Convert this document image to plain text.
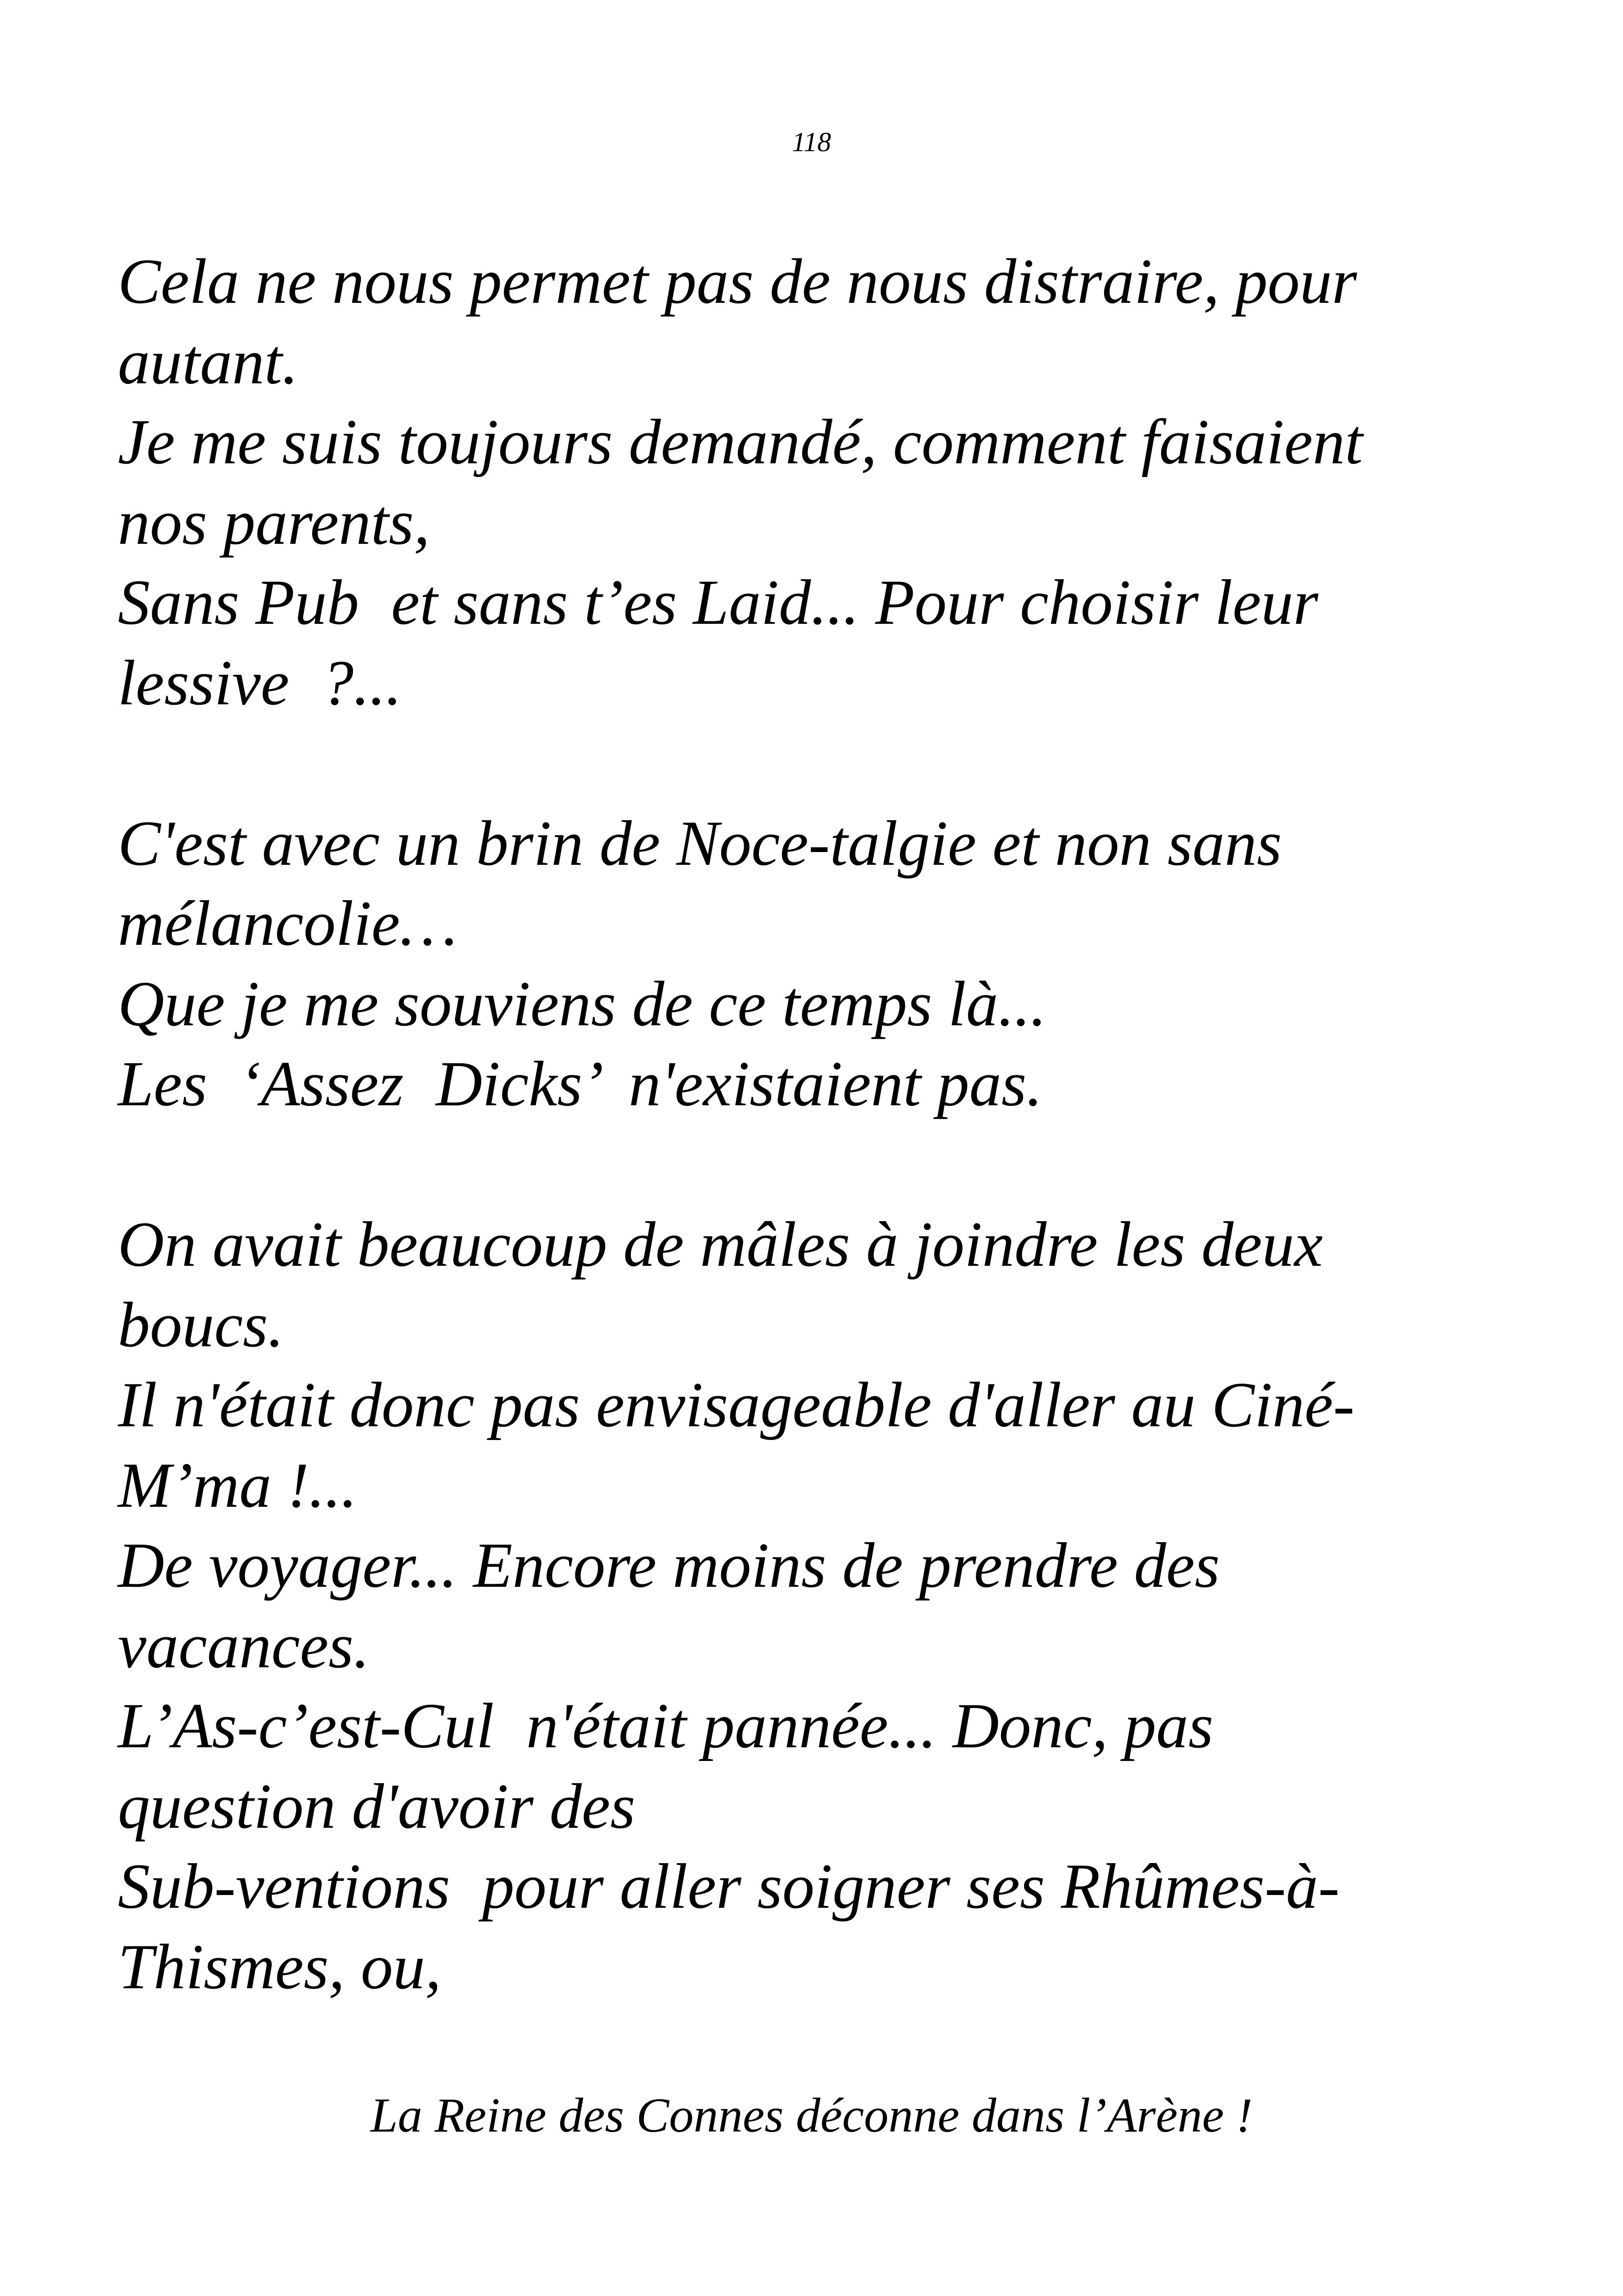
118
Cela ne nous permet pas de nous distraire, pour
autant.
Je me suis toujours demandé, comment faisaient
nos parents,
Sans Pub  et sans t’es Laid... Pour choisir leur
lessive  ?...
C'est avec un brin de Noce-talgie et non sans
mélancolie…
Que je me souviens de ce temps là...
Les  ‘Assez  Dicks’  n'existaient pas.
On avait beaucoup de mâles à joindre les deux
boucs.
Il n'était donc pas envisageable d'aller au Ciné-
M’ma !...
De voyager... Encore moins de prendre des
vacances.
L’As-c’est-Cul  n'était pannée... Donc, pas
question d'avoir des
Sub-ventions  pour aller soigner ses Rhûmes-à-
Thismes, ou,
La Reine des Connes déconne dans l’Arène !
